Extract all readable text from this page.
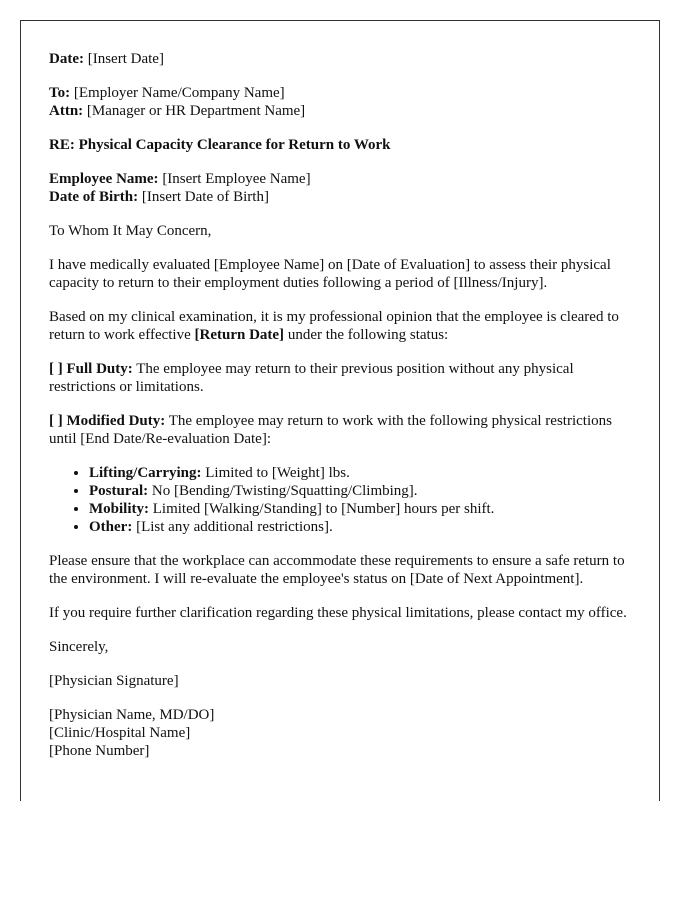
Date: [Insert Date]

To: [Employer Name/Company Name]
Attn: [Manager or HR Department Name]

RE: Physical Capacity Clearance for Return to Work

Employee Name: [Insert Employee Name]
Date of Birth: [Insert Date of Birth]

To Whom It May Concern,

I have medically evaluated [Employee Name] on [Date of Evaluation] to assess their physical capacity to return to their employment duties following a period of [Illness/Injury].

Based on my clinical examination, it is my professional opinion that the employee is cleared to return to work effective [Return Date] under the following status:

[ ] Full Duty: The employee may return to their previous position without any physical restrictions or limitations.

[ ] Modified Duty: The employee may return to work with the following physical restrictions until [End Date/Re-evaluation Date]:

• Lifting/Carrying: Limited to [Weight] lbs.
• Postural: No [Bending/Twisting/Squatting/Climbing].
• Mobility: Limited [Walking/Standing] to [Number] hours per shift.
• Other: [List any additional restrictions].

Please ensure that the workplace can accommodate these requirements to ensure a safe return to the environment. I will re-evaluate the employee's status on [Date of Next Appointment].

If you require further clarification regarding these physical limitations, please contact my office.

Sincerely,

[Physician Signature]

[Physician Name, MD/DO]
[Clinic/Hospital Name]
[Phone Number]
